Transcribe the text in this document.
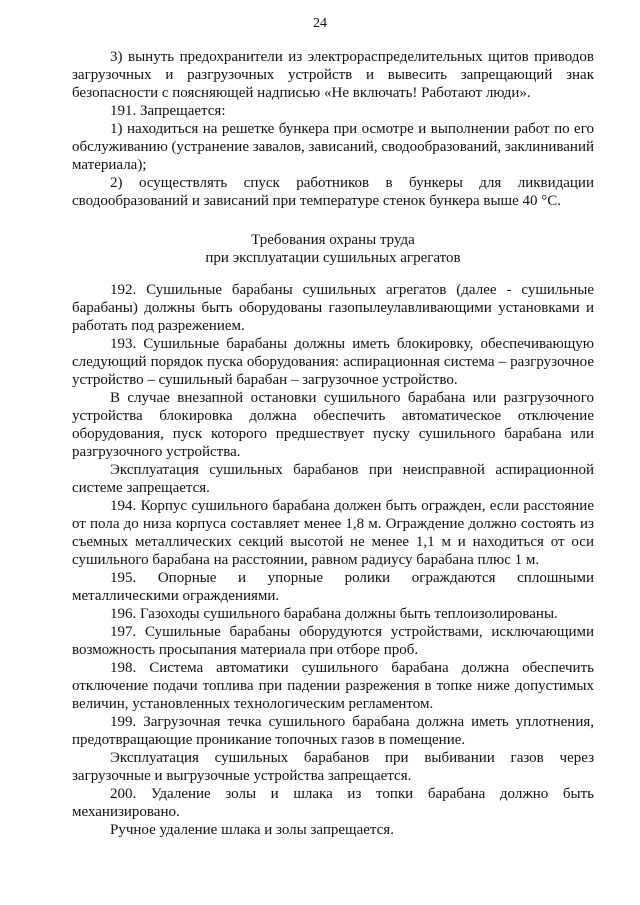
24

3) вынуть предохранители из электрораспределительных щитов приводов загрузочных и разгрузочных устройств и вывесить запрещающий знак безопасности с поясняющей надписью «Не включать! Работают люди».

191. Запрещается:

1) находиться на решетке бункера при осмотре и выполнении работ по его обслуживанию (устранение завалов, зависаний, сводообразований, заклиниваний материала);

2) осуществлять спуск работников в бункеры для ликвидации сводообразований и зависаний при температуре стенок бункера выше 40 °С.

Требования охраны труда

при эксплуатации сушильных агрегатов

192. Сушильные барабаны сушильных агрегатов (далее - сушильные барабаны) должны быть оборудованы газопылеулавливающими установками и работать под разрежением.

193. Сушильные барабаны должны иметь блокировку, обеспечивающую следующий порядок пуска оборудования: аспирационная система – разгрузочное устройство – сушильный барабан – загрузочное устройство.

В случае внезапной остановки сушильного барабана или разгрузочного устройства блокировка должна обеспечить автоматическое отключение оборудования, пуск которого предшествует пуску сушильного барабана или разгрузочного устройства.

Эксплуатация сушильных барабанов при неисправной аспирационной системе запрещается.

194. Корпус сушильного барабана должен быть огражден, если расстояние от пола до низа корпуса составляет менее 1,8 м. Ограждение должно состоять из съемных металлических секций высотой не менее 1,1 м и находиться от оси сушильного барабана на расстоянии, равном радиусу барабана плюс 1 м.

195. Опорные и упорные ролики ограждаются сплошными металлическими ограждениями.

196. Газоходы сушильного барабана должны быть теплоизолированы.

197. Сушильные барабаны оборудуются устройствами, исключающими возможность просыпания материала при отборе проб.

198. Система автоматики сушильного барабана должна обеспечить отключение подачи топлива при падении разрежения в топке ниже допустимых величин, установленных технологическим регламентом.

199. Загрузочная течка сушильного барабана должна иметь уплотнения, предотвращающие проникание топочных газов в помещение.

Эксплуатация сушильных барабанов при выбивании газов через загрузочные и выгрузочные устройства запрещается.

200. Удаление золы и шлака из топки барабана должно быть механизировано.

Ручное удаление шлака и золы запрещается.
